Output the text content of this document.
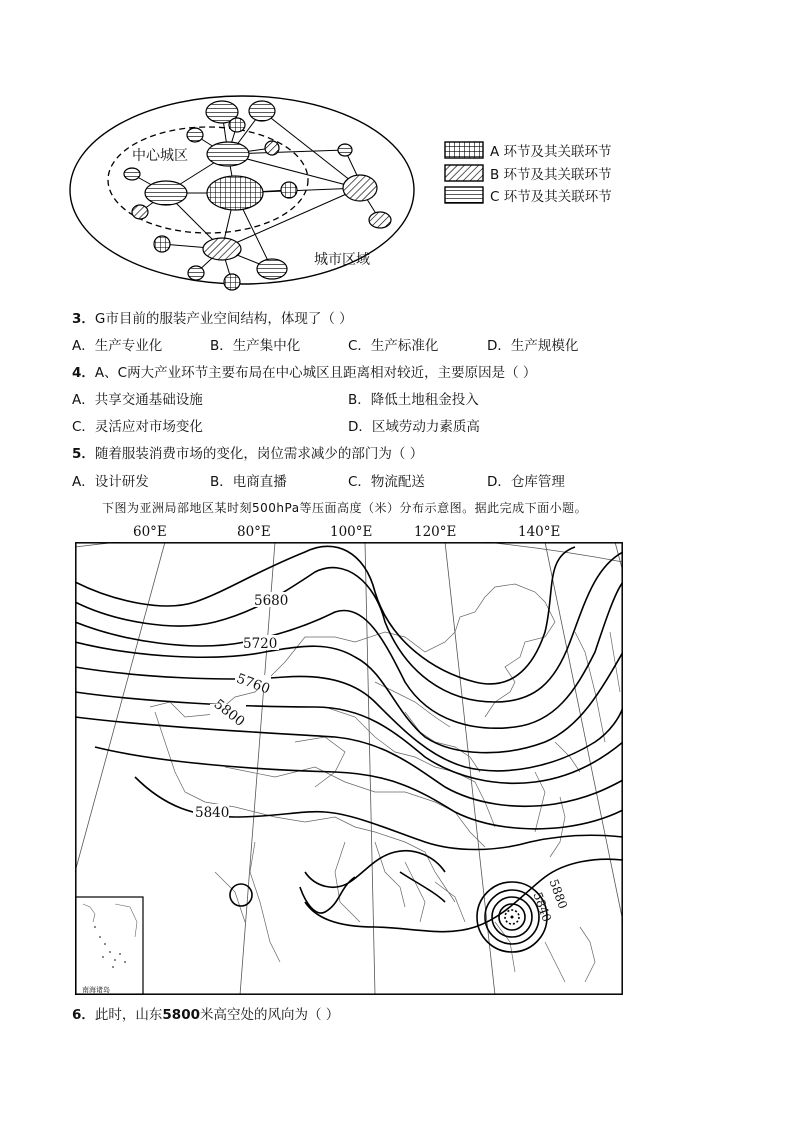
中心城区
城市区域
A 环节及其关联环节
B 环节及其关联环节
C 环节及其关联环节
3．G市目前的服装产业空间结构，体现了（ ）
A．生产专业化	B．生产集中化	C．生产标准化	D．生产规模化
4．A、C两大产业环节主要布局在中心城区且距离相对较近，主要原因是（ ）
A．共享交通基础设施	B．降低土地租金投入
C．灵活应对市场变化	D．区域劳动力素质高
5．随着服装消费市场的变化，岗位需求减少的部门为（ ）
A．设计研发	B．电商直播	C．物流配送	D．仓库管理
下图为亚洲局部地区某时刻500hPa等压面高度（米）分布示意图。据此完成下面小题。
60°E	80°E	100°E	120°E	140°E
5680
5720
5760
5800
5840
5880
5840
南海诸岛
6．此时，山东5800米高空处的风向为（ ）
